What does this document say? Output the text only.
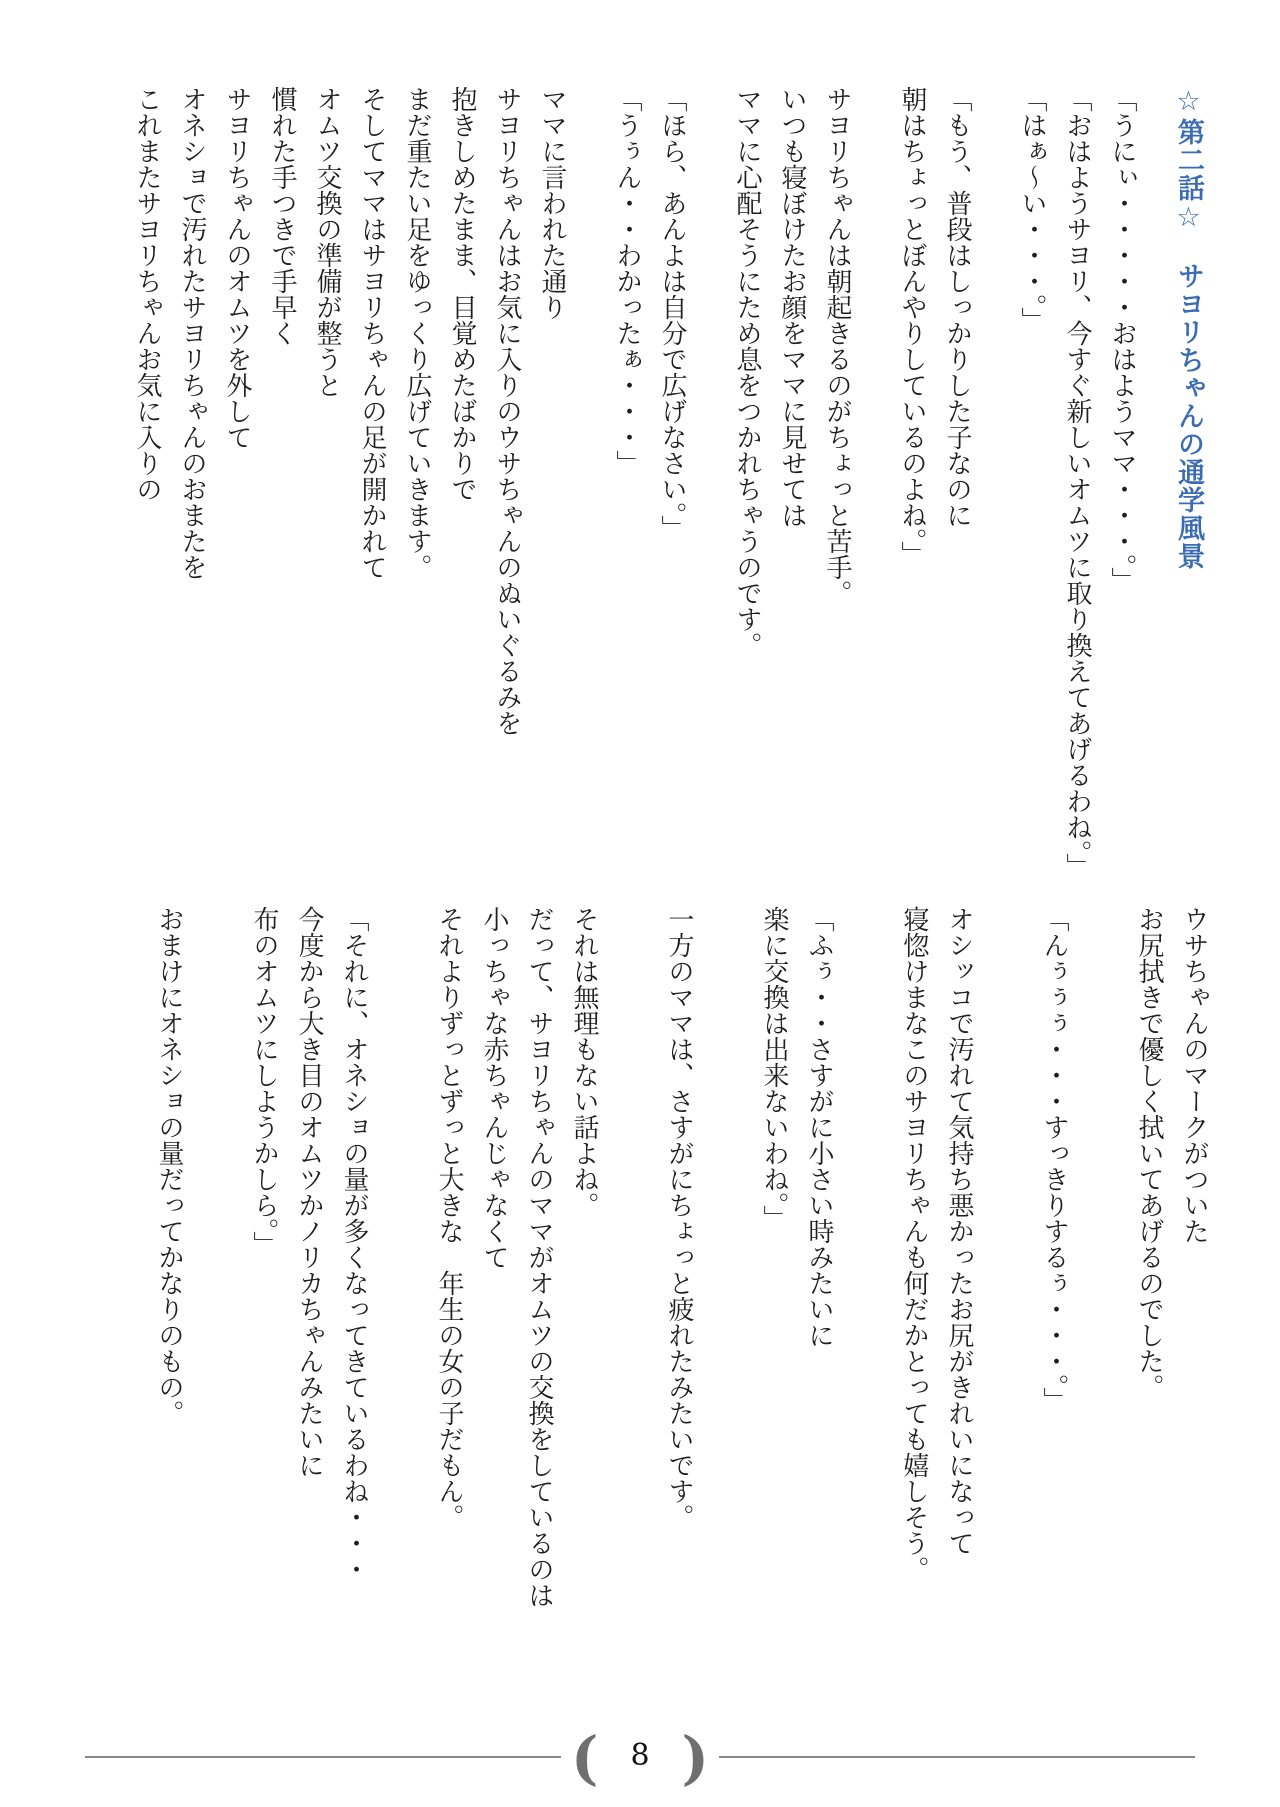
☆第二話☆　サヨリちゃんの通学風景
「うにぃ・・・・・おはようママ・・・。」
「おはようサヨリ、今すぐ新しいオムツに取り換えてあげるわね。」
「はぁ〜い・・・。」
「もう、普段はしっかりした子なのに
朝はちょっとぼんやりしているのよね。」
サヨリちゃんは朝起きるのがちょっと苦手。
いつも寝ぼけたお顔をママに見せては
ママに心配そうにため息をつかれちゃうのです。
「ほら、あんよは自分で広げなさい。」
「うぅん・・わかったぁ・・・」
ママに言われた通り
サヨリちゃんはお気に入りのウサちゃんのぬいぐるみを
抱きしめたまま、目覚めたばかりで
まだ重たい足をゆっくり広げていきます。
そしてママはサヨリちゃんの足が開かれて
オムツ交換の準備が整うと
慣れた手つきで手早く
サヨリちゃんのオムツを外して
オネショで汚れたサヨリちゃんのおまたを
これまたサヨリちゃんお気に入りの
ウサちゃんのマークがついた
お尻拭きで優しく拭いてあげるのでした。
「んぅぅぅ・・・すっきりするぅ・・・。」
オシッコで汚れて気持ち悪かったお尻がきれいになって
寝惚けまなこのサヨリちゃんも何だかとっても嬉しそう。
「ふぅ・・さすがに小さい時みたいに
楽に交換は出来ないわね。」
一方のママは、さすがにちょっと疲れたみたいです。
それは無理もない話よね。
だって、サヨリちゃんのママがオムツの交換をしているのは
小っちゃな赤ちゃんじゃなくて
それよりずっとずっと大きな　年生の女の子だもん。
「それに、オネショの量が多くなってきているわね・・・
今度から大き目のオムツかノリカちゃんみたいに
布のオムツにしようかしら。」
おまけにオネショの量だってかなりのもの。
(	8 )
